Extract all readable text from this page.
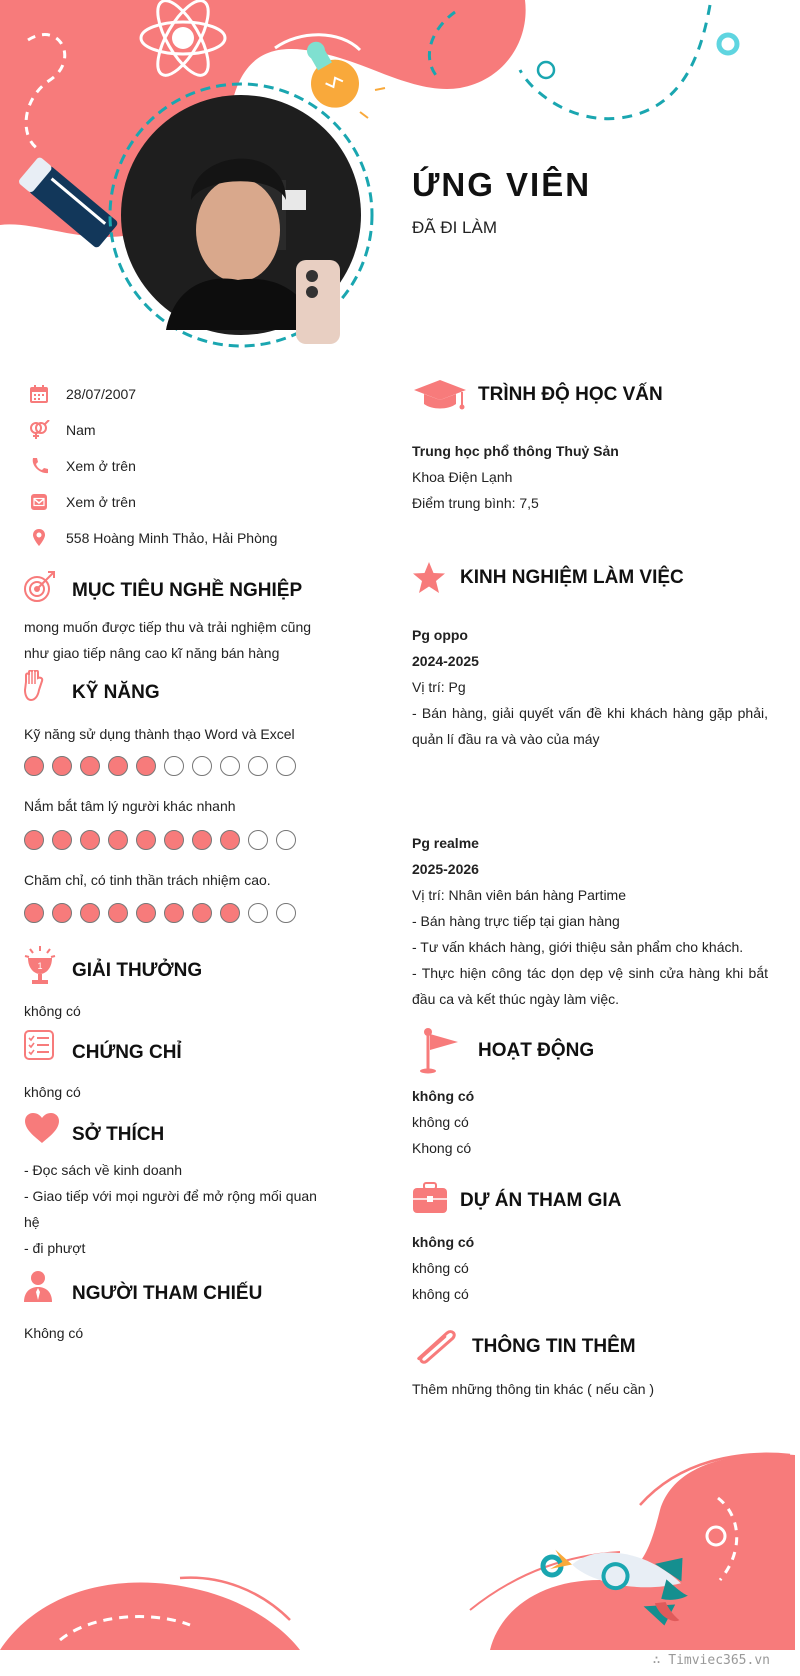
ỨNG VIÊN
ĐÃ ĐI LÀM
28/07/2007
Nam
Xem ở trên
Xem ở trên
558 Hoàng Minh Thảo, Hải Phòng
MỤC TIÊU NGHỀ NGHIỆP
mong muốn được tiếp thu và trải nghiệm cũng
như giao tiếp nâng cao kĩ năng bán hàng
KỸ NĂNG
Kỹ năng sử dụng thành thạo Word và Excel
Nắm bắt tâm lý người khác nhanh
Chăm chỉ, có tinh thần trách nhiệm cao.
1 GIẢI THƯỞNG
không có
CHỨNG CHỈ
không có
SỞ THÍCH
- Đọc sách về kinh doanh
- Giao tiếp với mọi người để mở rộng mối quan
hệ
- đi phượt
NGƯỜI THAM CHIẾU
Không có
TRÌNH ĐỘ HỌC VẤN
Trung học phổ thông Thuỷ Sản
Khoa Điện Lạnh
Điểm trung bình: 7,5
KINH NGHIỆM LÀM VIỆC
Pg oppo
2024-2025
Vị trí: Pg
- Bán hàng, giải quyết vấn đề khi khách hàng gặp phải, quản lí đầu ra và vào của máy
Pg realme
2025-2026
Vị trí: Nhân viên bán hàng Partime
- Bán hàng trực tiếp tại gian hàng
- Tư vấn khách hàng, giới thiệu sản phẩm cho khách.
- Thực hiện công tác dọn dẹp vệ sinh cửa hàng khi bắt đầu ca và kết thúc ngày làm việc.
HOẠT ĐỘNG
không có
không có
Khong có
DỰ ÁN THAM GIA
không có
không có
không có
THÔNG TIN THÊM
Thêm những thông tin khác ( nếu cần )
∴ Timviec365.vn
